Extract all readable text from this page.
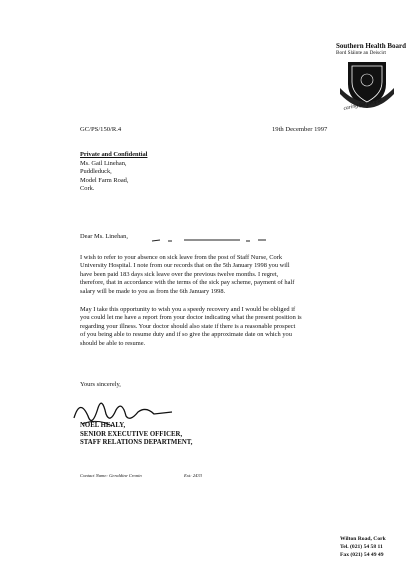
Southern Health Board
Bord Sláinte an Deiscirt
caring for people
GC/PS/150/R.4	19th December 1997
Private and Confidential
Ms. Gail Linehan,
Puddleduck,
Model Farm Road,
Cork.
Dear Ms. Linehan,
I wish to refer to your absence on sick leave from the post of Staff Nurse, Cork
University Hospital. I note from our records that on the 5th January 1998 you will
have been paid 183 days sick leave over the previous twelve months. I regret,
therefore, that in accordance with the terms of the sick pay scheme, payment of half
salary will be made to you as from the 6th January 1998.
May I take this opportunity to wish you a speedy recovery and I would be obliged if
you could let me have a report from your doctor indicating what the present position is
regarding your illness. Your doctor should also state if there is a reasonable prospect
of you being able to resume duty and if so give the approximate date on which you
should be able to resume.
Yours sincerely,
NOEL HEALY,
SENIOR EXECUTIVE OFFICER,
STAFF RELATIONS DEPARTMENT,
Contact Name: Geraldine Cronin	Ext: 2433
Wilton Road, Cork
Tel. (021) 54 58 11
Fax (021) 54 49 49
